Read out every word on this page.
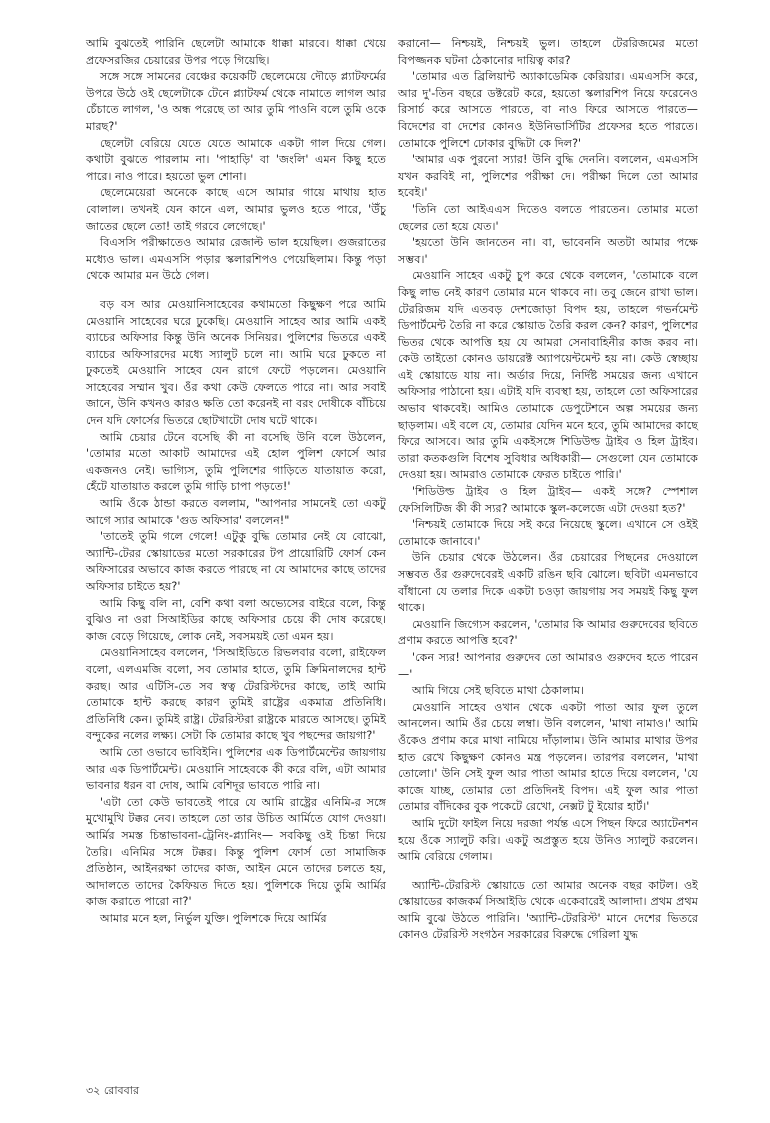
আমি বুঝতেই পারিনি ছেলেটা আমাকে ধাক্কা মারবে। ধাক্কা খেয়ে প্রফেসরজির চেয়ারের উপর পড়ে গিয়েছি।

সঙ্গে সঙ্গে সামনের বেঞ্চের কয়েকটি ছেলেমেয়ে দৌড়ে প্ল্যাটফর্মের উপরে উঠে ওই ছেলেটাকে টেনে প্ল্যাটফর্ম থেকে নামাতে লাগল আর চেঁচাতে লাগল, 'ও অন্ধ পরেছে তা আর তুমি পাওনি বলে তুমি ওকে মারছ?'

ছেলেটা বেরিয়ে যেতে যেতে আমাকে একটা গাল দিয়ে গেল। কথাটা বুঝতে পারলাম না। 'পাহাড়ি' বা 'জংলি' এমন কিছু হতে পারে। নাও পারে। হয়তো ভুল শোনা।

ছেলেমেয়েরা অনেকে কাছে এসে আমার গায়ে মাথায় হাত বোলাল। তখনই যেন কানে এল, আমার ভুলও হতে পারে, 'উঁচু জাতের ছেলে তো! তাই গরবে লেগেছে।'

বিএসসি পরীক্ষাতেও আমার রেজাল্ট ভাল হয়েছিল। গুজরাতের মধ্যেও ভাল। এমএসসি পড়ার স্কলারশিপও পেয়েছিলাম। কিন্তু পড়া থেকে আমার মন উঠে গেল।

বড় বস আর মেওয়ানিসাহেবের কথামতো কিছুক্ষণ পরে আমি মেওয়ানি সাহেবের ঘরে ঢুকেছি। মেওয়ানি সাহেব আর আমি একই ব্যাচের অফিসার কিন্তু উনি অনেক সিনিয়র। পুলিশের ভিতরে একই ব্যাচের অফিসারদের মধ্যে স্যালুট চলে না। আমি ঘরে ঢুকতে না ঢুকতেই মেওয়ানি সাহেব যেন রাগে ফেটে পড়লেন। মেওয়ানি সাহেবের সম্মান খুব। ওঁর কথা কেউ ফেলতে পারে না। আর সবাই জানে, উনি কখনও কারও ক্ষতি তো করেনই না বরং দোষীকে বাঁচিয়ে দেন যদি ফোর্সের ভিতরে ছোটখাটো দোষ ঘটে থাকে।

আমি চেয়ার টেনে বসেছি কী না বসেছি উনি বলে উঠলেন, 'তোমার মতো আকাট আমাদের এই হোল পুলিশ ফোর্সে আর একজনও নেই। ভাগ্যিস, তুমি পুলিশের গাড়িতে যাতায়াত করো, হেঁটে যাতায়াত করলে তুমি গাড়ি চাপা পড়তে!'

আমি ওঁকে ঠান্ডা করতে বললাম, "আপনার সামনেই তো একটু আগে স্যার আমাকে 'গুড অফিসার' বললেন!"

'তাতেই তুমি গলে গেলে! এটুকু বুদ্ধি তোমার নেই যে বোঝো, অ্যান্টি-টেরর স্কোয়াডের মতো সরকারের টপ প্রায়োরিটি ফোর্স কেন অফিসারের অভাবে কাজ করতে পারছে না যে আমাদের কাছে তাদের অফিসার চাইতে হয়?'

আমি কিছু বলি না, বেশি কথা বলা অভ্যেসের বাইরে বলে, কিন্তু বুঝিও না ওরা সিআইডির কাছে অফিসার চেয়ে কী দোষ করেছে। কাজ বেড়ে গিয়েছে, লোক নেই, সবসময়ই তো এমন হয়।

মেওয়ানিসাহেব বললেন, 'সিআইডিতে রিভলবার বলো, রাইফেল বলো, এলএমজি বলো, সব তোমার হাতে, তুমি ক্রিমিনালদের হান্ট করছ। আর এটিসি-তে সব স্বত্ব টেররিস্টদের কাছে, তাই আমি তোমাকে হান্ট করছে কারণ তুমিই রাষ্ট্রের একমাত্র প্রতিনিধি। প্রতিনিধি কেন। তুমিই রাষ্ট্র। টেররিস্টরা রাষ্ট্রকে মারতে আসছে। তুমিই বন্দুকের নলের লক্ষ্য। সেটা কি তোমার কাছে খুব পছন্দের জায়গা?'

আমি তো ওভাবে ভাবিইনি। পুলিশের এক ডিপার্টমেন্টের জায়গায় আর এক ডিপার্টমেন্ট। মেওয়ানি সাহেবকে কী করে বলি, এটা আমার ভাবনার ধরন বা দোষ, আমি বেশিদূর ভাবতে পারি না।

'এটা তো কেউ ভাবতেই পারে যে আমি রাষ্ট্রের এনিমি-র সঙ্গে মুখোমুখি টক্কর নেব। তাহলে তো তার উচিত আর্মিতে যোগ দেওয়া। আর্মির সমস্ত চিন্তাভাবনা-ট্রেনিং-প্ল্যানিং— সবকিছু ওই চিন্তা দিয়ে তৈরি। এনিমির সঙ্গে টক্কর। কিন্তু পুলিশ ফোর্স তো সামাজিক প্রতিষ্ঠান, আইনরক্ষা তাদের কাজ, আইন মেনে তাদের চলতে হয়, আদালতে তাদের কৈফিয়ত দিতে হয়। পুলিশকে দিয়ে তুমি আর্মির কাজ করাতে পারো না?'

আমার মনে হল, নির্ভুল যুক্তি। পুলিশকে দিয়ে আর্মির

করানো— নিশ্চয়ই, নিশ্চয়ই ভুল। তাহলে টেররিজমের মতো বিপজ্জনক ঘটনা ঠেকানোর দায়িত্ব কার?

'তোমার এত ব্রিলিয়ান্ট অ্যাকাডেমিক কেরিয়ার। এমএসসি করে, আর দু'-তিন বছরে ডক্টরেট করে, হয়তো স্কলারশিপ নিয়ে ফরেনেও রিসার্চ করে আসতে পারতে, বা নাও ফিরে আসতে পারতে— বিদেশের বা দেশের কোনও ইউনিভার্সিটির প্রফেসর হতে পারতে। তোমাকে পুলিশে ঢোকার বুদ্ধিটা কে দিল?'

'আমার এক পুরনো স্যার! উনি বুদ্ধি দেননি। বললেন, এমএসসি যখন করবিই না, পুলিশের পরীক্ষা দে। পরীক্ষা দিলে তো আমার হবেই।'

'তিনি তো আইএএস দিতেও বলতে পারতেন। তোমার মতো ছেলের তো হয়ে যেত।'

'হয়তো উনি জানতেন না। বা, ভাবেননি অতটা আমার পক্ষে সম্ভব।'

মেওয়ানি সাহেব একটু চুপ করে থেকে বললেন, 'তোমাকে বলে কিছু লাভ নেই কারণ তোমার মনে থাকবে না। তবু জেনে রাখা ভাল। টেররিজম যদি এতবড় দেশজোড়া বিপদ হয়, তাহলে গভর্নমেন্ট ডিপার্টমেন্ট তৈরি না করে স্কোয়াড তৈরি করল কেন? কারণ, পুলিশের ভিতর থেকে আপত্তি হয় যে আমরা সেনাবাহিনীর কাজ করব না। কেউ তাইতো কোনও ডায়রেক্ট অ্যাপয়েন্টমেন্ট হয় না। কেউ স্বেচ্ছায় এই স্কোয়াডে যায় না। অর্ডার দিয়ে, নির্দিষ্ট সময়ের জন্য এখানে অফিসার পাঠানো হয়। এটাই যদি ব্যবস্থা হয়, তাহলে তো অফিসারের অভাব থাকবেই। আমিও তোমাকে ডেপুটেশনে অল্প সময়ের জন্য ছাড়লাম। এই বলে যে, তোমার যেদিন মনে হবে, তুমি আমাদের কাছে ফিরে আসবে। আর তুমি একইসঙ্গে শিডিউল্ড ট্রাইব ও হিল ট্রাইব। তারা কতকগুলি বিশেষ সুবিধার অধিকারী— সেগুলো যেন তোমাকে দেওয়া হয়। আমরাও তোমাকে ফেরত চাইতে পারি।'

'শিডিউল্ড ট্রাইব ও হিল ট্রাইব— একই সঙ্গে? স্পেশাল ফেসিলিটিজ কী কী স্যর? আমাকে স্কুল-কলেজে এটা দেওয়া হত?'

'নিশ্চয়ই তোমাকে দিয়ে সই করে নিয়েছে স্কুলে। এখানে সে ওইই তোমাকে জানাবে।'

উনি চেয়ার থেকে উঠলেন। ওঁর চেয়ারের পিছনের দেওয়ালে সম্ভবত ওঁর গুরুদেবেরই একটি রঙিন ছবি ঝোলে। ছবিটা এমনভাবে বাঁধানো যে তলার দিকে একটা চওড়া জায়গায় সব সময়ই কিছু ফুল থাকে।

মেওয়ানি জিগ্যেস করলেন, 'তোমার কি আমার গুরুদেবের ছবিতে প্রণাম করতে আপত্তি হবে?'

'কেন স্যর! আপনার গুরুদেব তো আমারও গুরুদেব হতে পারেন—'

আমি গিয়ে সেই ছবিতে মাথা ঠেকালাম।

মেওয়ানি সাহেব ওখান থেকে একটা পাতা আর ফুল তুলে আনলেন। আমি ওঁর চেয়ে লম্বা। উনি বললেন, 'মাথা নামাও।' আমি ওঁকেও প্রণাম করে মাথা নামিয়ে দাঁড়ালাম। উনি আমার মাথার উপর হাত রেখে কিছুক্ষণ কোনও মন্ত্র পড়লেন। তারপর বললেন, 'মাথা তোলো।' উনি সেই ফুল আর পাতা আমার হাতে দিয়ে বললেন, 'যে কাজে যাচ্ছ, তোমার তো প্রতিদিনই বিপদ। এই ফুল আর পাতা তোমার বাঁদিকের বুক পকেটে রেখো, নেক্সট টু ইয়োর হার্ট।'

আমি দুটো ফাইল নিয়ে দরজা পর্যন্ত এসে পিছন ফিরে অ্যাটেনশন হয়ে ওঁকে স্যালুট করি। একটু অপ্রস্তুত হয়ে উনিও স্যালুট করলেন। আমি বেরিয়ে গেলাম।

অ্যান্টি-টেররিস্ট স্কোয়াডে তো আমার অনেক বছর কাটল। ওই স্কোয়াডের কাজকর্ম সিআইডি থেকে একেবারেই আলাদা। প্রথম প্রথম আমি বুঝে উঠতে পারিনি। 'অ্যান্টি-টেররিস্ট' মানে দেশের ভিতরে কোনও টেররিস্ট সংগঠন সরকারের বিরুদ্ধে গেরিলা যুদ্ধ

৩২ রোববার
